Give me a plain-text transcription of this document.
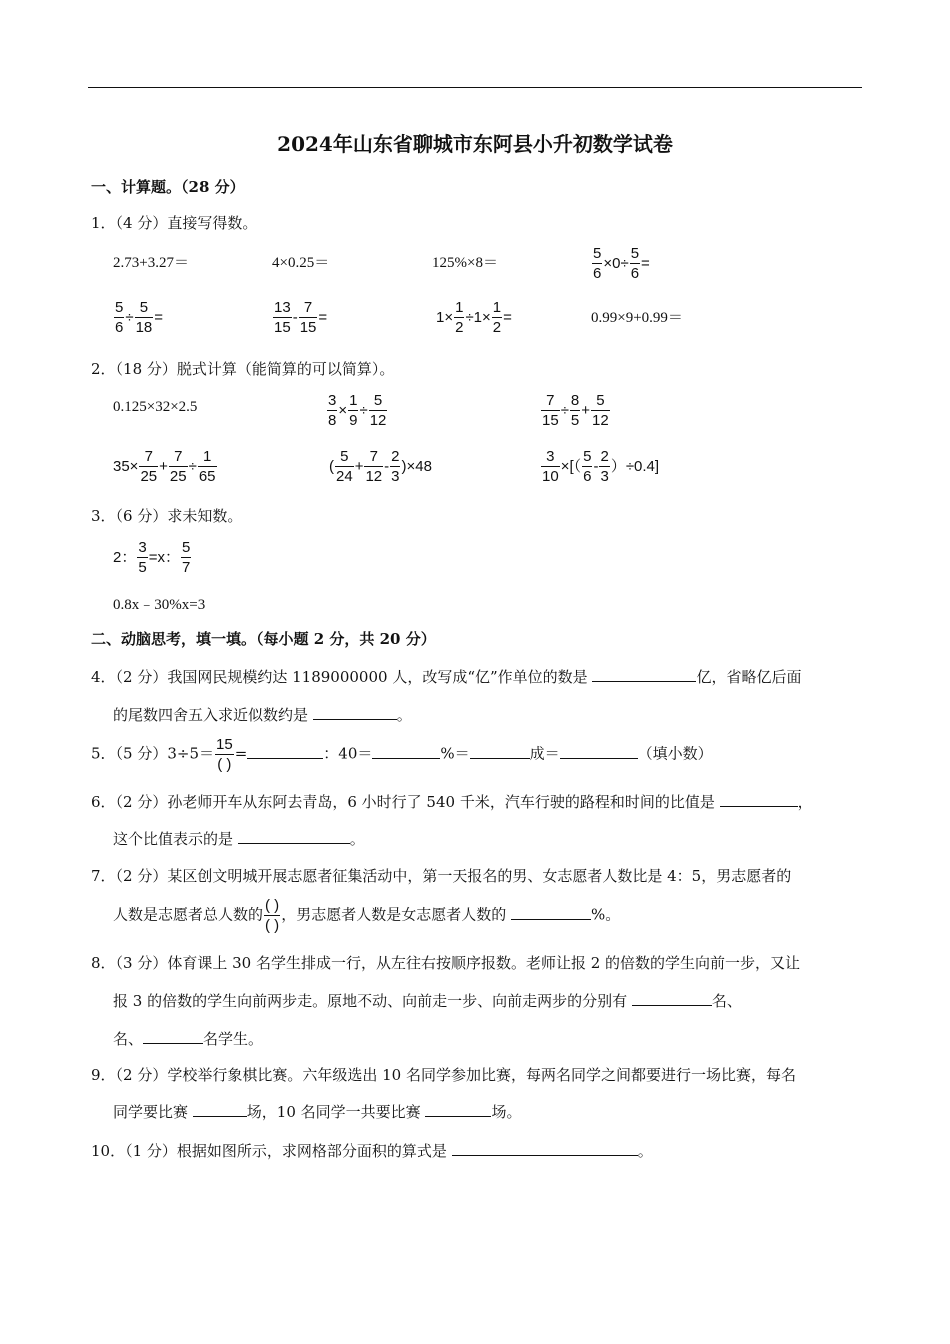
2024年山东省聊城市东阿县小升初数学试卷
一、计算题。（28 分）
1．（4 分）直接写得数。
2.73+3.27＝	4×0.25＝	125%×8＝	$\frac{5}{6} \times 0\div \frac{5}{6}$ =
$\frac{5}{6} \div \frac{5}{18}$ =	$\frac{13}{15} - \frac{7}{15}$ =	$1\times \frac{1}{2} \div 1\times \frac{1}{2}$ =	0.99×9+0.99＝
2．（18 分）脱式计算（能简算的可以简算）。
0.125×32×2.5	$\frac{3}{8} \times \frac{1}{9} \div \frac{5}{12}$	$\frac{7}{15} \div \frac{8}{5} + \frac{5}{12}$
$35\times \frac{7}{25} + \frac{7}{25} \div \frac{1}{65}$	( $\frac{5}{24} + \frac{7}{12} - \frac{2}{3} )\times 48$	$\frac{3}{10}$ ×[（ $\frac{5}{6} - \frac{2}{3} )\div 0.4$]
3．（6 分）求未知数。
2： $\frac{3}{5} =x$： $\frac{5}{7}$
0.8x﹣30%x=3
二、动脑思考，填一填。（每小题 2 分，共 20 分）
4．（2 分）我国网民规模约达 1189000000 人，改写成“亿”作单位的数是	亿，省略亿后面
的尾数四舍五入求近似数约是	。
5．（5 分）3÷5＝ 15
( )
=	：40＝	%＝	成＝	（填小数）
6．（2 分）孙老师开车从东阿去青岛，6 小时行了 540 千米，汽车行驶的路程和时间的比值是	，
这个比值表示的是	。
7．（2 分）某区创文明城开展志愿者征集活动中，第一天报名的男、女志愿者人数比是 4：5，男志愿者的
人数是志愿者总人数的 ( )
( )
，男志愿者人数是女志愿者人数的	%。
8．（3 分）体育课上 30 名学生排成一行，从左往右按顺序报数。老师让报 2 的倍数的学生向前一步，又让
报 3 的倍数的学生向前两步走。原地不动、向前走一步、向前走两步的分别有	名、
名、	名学生。
9．（2 分）学校举行象棋比赛。六年级选出 10 名同学参加比赛，每两名同学之间都要进行一场比赛，每名
同学要比赛	场，10 名同学一共要比赛	场。
10．（1 分）根据如图所示，求网格部分面积的算式是	。
